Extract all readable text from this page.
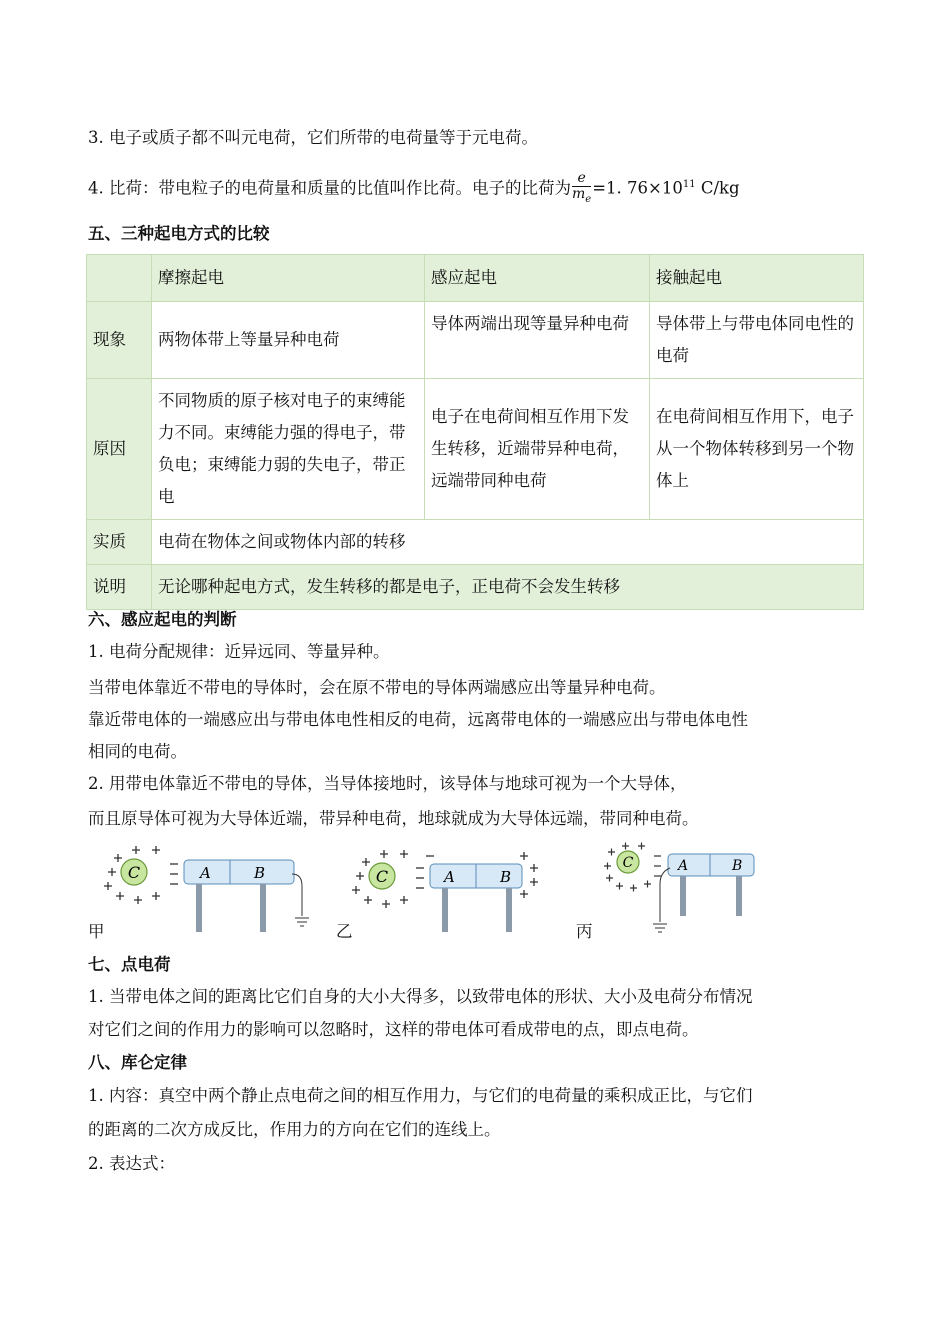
3. 电子或质子都不叫元电荷，它们所带的电荷量等于元电荷。
4. 比荷：带电粒子的电荷量和质量的比值叫作比荷。电子的比荷为 $\frac{e}{m_e} =1$. $76\times 10^{11}$ C/kg
五、三种起电方式的比较
	摩擦起电	感应起电	接触起电
现象	两物体带上等量异种电荷	导体两端出现等量异种电荷	导体带上与带电体同电性的电荷
原因	不同物质的原子核对电子的束缚能力不同。束缚能力强的得电子，带负电；束缚能力弱的失电子，带正电	电子在电荷间相互作用下发生转移，近端带异种电荷，远端带同种电荷	在电荷间相互作用下，电子从一个物体转移到另一个物体上
实质	电荷在物体之间或物体内部的转移		
说明	无论哪种起电方式，发生转移的都是电子，正电荷不会发生转移		
六、感应起电的判断
1. 电荷分配规律：近异远同、等量异种。
当带电体靠近不带电的导体时，会在原不带电的导体两端感应出等量异种电荷。
靠近带电体的一端感应出与带电体电性相反的电荷，远离带电体的一端感应出与带电体电性
相同的电荷。
2. 用带电体靠近不带电的导体，当导体接地时，该导体与地球可视为一个大导体，
而且原导体可视为大导体近端，带异种电荷，地球就成为大导体远端，带同种电荷。
C	A	B
甲
C	A	B
乙
C	A	B
丙
七、点电荷
1. 当带电体之间的距离比它们自身的大小大得多，以致带电体的形状、大小及电荷分布情况
对它们之间的作用力的影响可以忽略时，这样的带电体可看成带电的点，即点电荷。
八、库仑定律
1. 内容：真空中两个静止点电荷之间的相互作用力，与它们的电荷量的乘积成正比，与它们
的距离的二次方成反比，作用力的方向在它们的连线上。
2. 表达式：
